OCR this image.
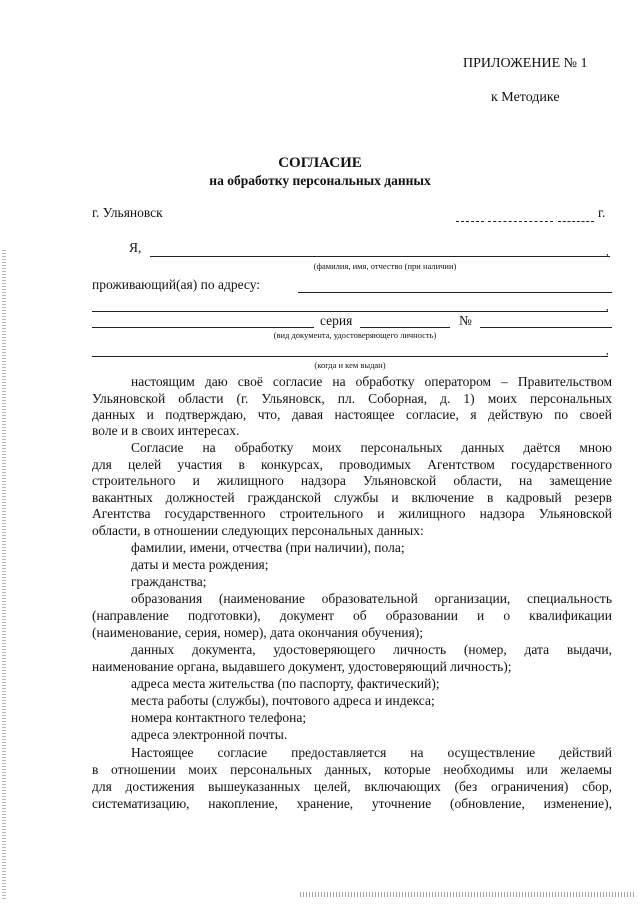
ПРИЛОЖЕНИЕ № 1
к Методике
СОГЛАСИЕ
на обработку персональных данных
г. Ульяновск	г.
Я,	,
(фамилия, имя, отчество (при наличии)
проживающий(ая) по адресу:
,
серия	№
(вид документа, удостоверяющего личность)
,
(когда и кем выдан)
настоящим даю своё согласие на обработку оператором – Правительством
Ульяновской области (г. Ульяновск, пл. Соборная, д. 1) моих персональных
данных и подтверждаю, что, давая настоящее согласие, я действую по своей
воле и в своих интересах.
Согласие на обработку моих персональных данных даётся мною
для целей участия в конкурсах, проводимых Агентством государственного
строительного и жилищного надзора Ульяновской области, на замещение
вакантных должностей гражданской службы и включение в кадровый резерв
Агентства государственного строительного и жилищного надзора Ульяновской
области, в отношении следующих персональных данных:
фамилии, имени, отчества (при наличии), пола;
даты и места рождения;
гражданства;
образования (наименование образовательной организации, специальность
(направление подготовки), документ об образовании и о квалификации
(наименование, серия, номер), дата окончания обучения);
данных документа, удостоверяющего личность (номер, дата выдачи,
наименование органа, выдавшего документ, удостоверяющий личность);
адреса места жительства (по паспорту, фактический);
места работы (службы), почтового адреса и индекса;
номера контактного телефона;
адреса электронной почты.
Настоящее согласие предоставляется на осуществление действий
в отношении моих персональных данных, которые необходимы или желаемы
для достижения вышеуказанных целей, включающих (без ограничения) сбор,
систематизацию, накопление, хранение, уточнение (обновление, изменение),
